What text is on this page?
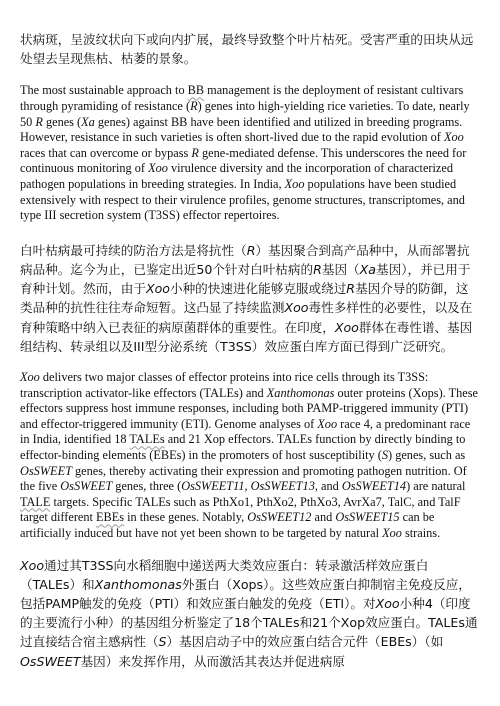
状病斑，呈波纹状向下或向内扩展，最终导致整个叶片枯死。受害严重的田块从远处望去呈现焦枯、枯萎的景象。

The most sustainable approach to BB management is the deployment of resistant cultivars through pyramiding of resistance (R) genes into high-yielding rice varieties. To date, nearly 50 R genes (Xa genes) against BB have been identified and utilized in breeding programs. However, resistance in such varieties is often short-lived due to the rapid evolution of Xoo races that can overcome or bypass R gene-mediated defense. This underscores the need for continuous monitoring of Xoo virulence diversity and the incorporation of characterized pathogen populations in breeding strategies. In India, Xoo populations have been studied extensively with respect to their virulence profiles, genome structures, transcriptomes, and type III secretion system (T3SS) effector repertoires.

白叶枯病最可持续的防治方法是将抗性（R）基因聚合到高产品种中，从而部署抗病品种。迄今为止，已鉴定出近50个针对白叶枯病的R基因（Xa基因），并已用于育种计划。然而，由于Xoo小种的快速进化能够克服或绕过R基因介导的防御，这类品种的抗性往往寿命短暂。这凸显了持续监测Xoo毒性多样性的必要性，以及在育种策略中纳入已表征的病原菌群体的重要性。在印度，Xoo群体在毒性谱、基因组结构、转录组以及III型分泌系统（T3SS）效应蛋白库方面已得到广泛研究。

Xoo delivers two major classes of effector proteins into rice cells through its T3SS: transcription activator-like effectors (TALEs) and Xanthomonas outer proteins (Xops). These effectors suppress host immune responses, including both PAMP-triggered immunity (PTI) and effector-triggered immunity (ETI). Genome analyses of Xoo race 4, a predominant race in India, identified 18 TALEs and 21 Xop effectors. TALEs function by directly binding to effector-binding elements (EBEs) in the promoters of host susceptibility (S) genes, such as OsSWEET genes, thereby activating their expression and promoting pathogen nutrition. Of the five OsSWEET genes, three (OsSWEET11, OsSWEET13, and OsSWEET14) are natural TALE targets. Specific TALEs such as PthXo1, PthXo2, PthXo3, AvrXa7, TalC, and TalF target different EBEs in these genes. Notably, OsSWEET12 and OsSWEET15 can be artificially induced but have not yet been shown to be targeted by natural Xoo strains.

Xoo通过其T3SS向水稻细胞中递送两大类效应蛋白：转录激活样效应蛋白（TALEs）和Xanthomonas外蛋白（Xops）。这些效应蛋白抑制宿主免疫反应，包括PAMP触发的免疫（PTI）和效应蛋白触发的免疫（ETI）。对Xoo小种4（印度的主要流行小种）的基因组分析鉴定了18个TALEs和21个Xop效应蛋白。TALEs通过直接结合宿主感病性（S）基因启动子中的效应蛋白结合元件（EBEs）（如OsSWEET基因）来发挥作用，从而激活其表达并促进病原
